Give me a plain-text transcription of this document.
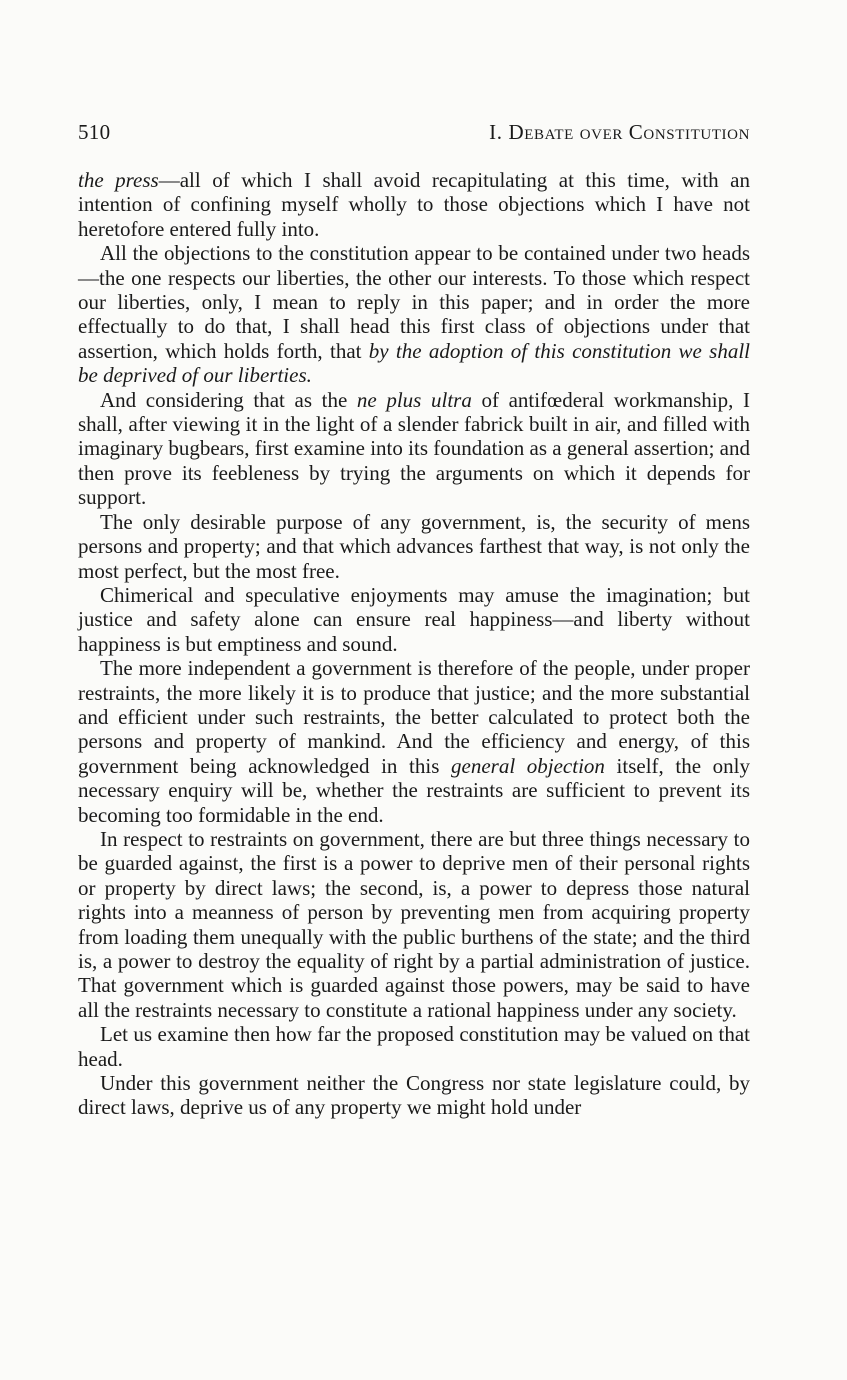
510	I. Debate over Constitution

the press—all of which I shall avoid recapitulating at this time, with an intention of confining myself wholly to those objections which I have not heretofore entered fully into.

All the objections to the constitution appear to be contained under two heads—the one respects our liberties, the other our interests. To those which respect our liberties, only, I mean to reply in this paper; and in order the more effectually to do that, I shall head this first class of objections under that assertion, which holds forth, that by the adoption of this constitution we shall be deprived of our liberties.

And considering that as the ne plus ultra of antifœderal workmanship, I shall, after viewing it in the light of a slender fabrick built in air, and filled with imaginary bugbears, first examine into its foundation as a general assertion; and then prove its feebleness by trying the arguments on which it depends for support.

The only desirable purpose of any government, is, the security of mens persons and property; and that which advances farthest that way, is not only the most perfect, but the most free.

Chimerical and speculative enjoyments may amuse the imagination; but justice and safety alone can ensure real happiness—and liberty without happiness is but emptiness and sound.

The more independent a government is therefore of the people, under proper restraints, the more likely it is to produce that justice; and the more substantial and efficient under such restraints, the better calculated to protect both the persons and property of mankind. And the efficiency and energy, of this government being acknowledged in this general objection itself, the only necessary enquiry will be, whether the restraints are sufficient to prevent its becoming too formidable in the end.

In respect to restraints on government, there are but three things necessary to be guarded against, the first is a power to deprive men of their personal rights or property by direct laws; the second, is, a power to depress those natural rights into a meanness of person by preventing men from acquiring property from loading them unequally with the public burthens of the state; and the third is, a power to destroy the equality of right by a partial administration of justice. That government which is guarded against those powers, may be said to have all the restraints necessary to constitute a rational happiness under any society.

Let us examine then how far the proposed constitution may be valued on that head.

Under this government neither the Congress nor state legislature could, by direct laws, deprive us of any property we might hold under
